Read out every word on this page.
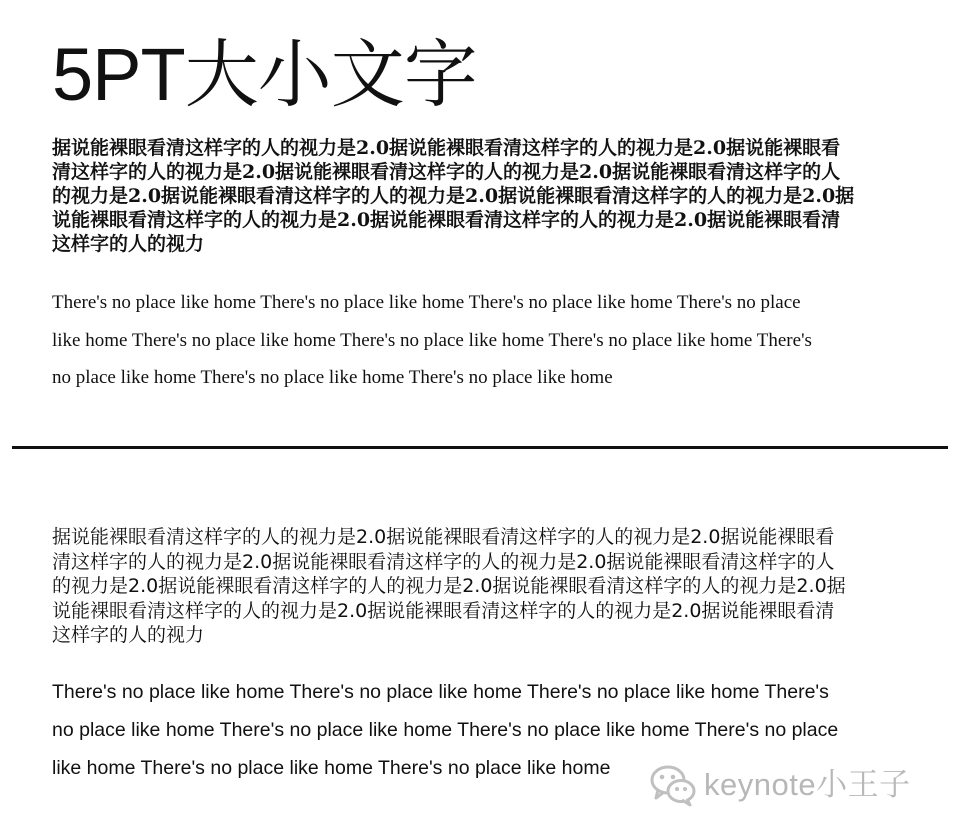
5PT大小文字
据说能裸眼看清这样字的人的视力是2.0据说能裸眼看清这样字的人的视力是2.0据说能裸眼看
清这样字的人的视力是2.0据说能裸眼看清这样字的人的视力是2.0据说能裸眼看清这样字的人
的视力是2.0据说能裸眼看清这样字的人的视力是2.0据说能裸眼看清这样字的人的视力是2.0据
说能裸眼看清这样字的人的视力是2.0据说能裸眼看清这样字的人的视力是2.0据说能裸眼看清
这样字的人的视力
There's no place like home There's no place like home There's no place like home There's no place
like home There's no place like home There's no place like home There's no place like home There's
no place like home There's no place like home There's no place like home
据说能裸眼看清这样字的人的视力是2.0据说能裸眼看清这样字的人的视力是2.0据说能裸眼看
清这样字的人的视力是2.0据说能裸眼看清这样字的人的视力是2.0据说能裸眼看清这样字的人
的视力是2.0据说能裸眼看清这样字的人的视力是2.0据说能裸眼看清这样字的人的视力是2.0据
说能裸眼看清这样字的人的视力是2.0据说能裸眼看清这样字的人的视力是2.0据说能裸眼看清
这样字的人的视力
There's no place like home There's no place like home There's no place like home There's
no place like home There's no place like home There's no place like home There's no place
like home There's no place like home There's no place like home	keynote小王子
